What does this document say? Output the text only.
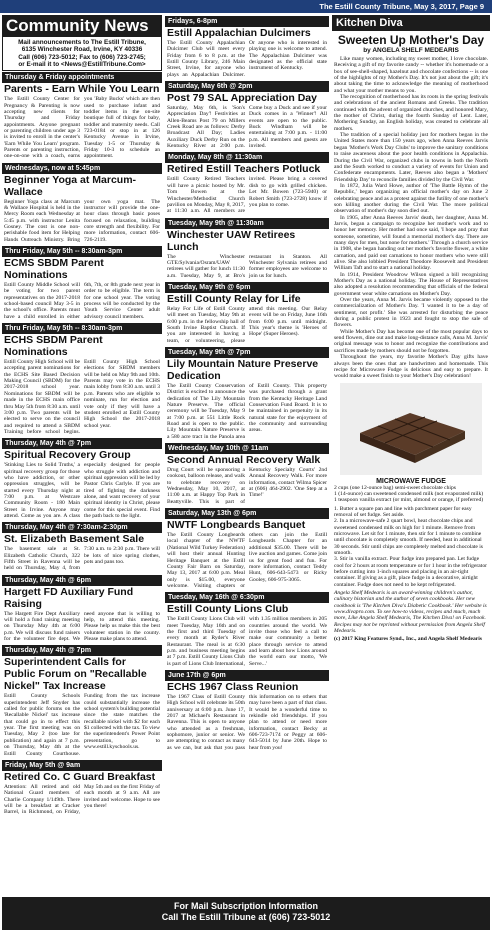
The Estill County Tribune, May 3, 2017, Page 9
Community News
Mail announcements to The Estill Tribune,
6135 Winchester Road, Irvine, KY 40336
Call (606) 723-5012; Fax to (606) 723-2745;
or E-mail it to <News@EstillTribune.Com>
Thursday & Friday appointments
Parents - Earn While You Learn
The Estill County Center for Pregnancy & Parenting is now accepting new clients for Thursday and Friday appointments. Anyone pregnant or parenting children under age 3 is invited to enroll in the center's 'Earn While You Learn' program. Parents or parenting instruction, one-on-one with a coach, earns you 'Baby Bucks' which are then used to purchase infant and toddler items in the on-site boutique full of things for baby, toddler and maternity needs. Call 723-0184 or stop in at 126 Kentucky Avenue in Irvine, Tuesday 1-5 or Thursday & Friday 10-3 to schedule an appointment.
Wednesdays, now at 5:45pm
Beginner Yoga at Marcum-Wallace
Beginner Yoga class at Marcum & Wallace Hospital is held in the Mercy Room each Wednesday at 5:45 p.m. with instructor Lenita Gosney. The cost is one non-perishable food item for Helping Hands Outreach Ministry. Bring your own yoga mat. The instructor will provide the one-hour class through basic poses focused on relaxation, building core strength and flexibility. For more information, contact 606-726-2119.
Thru Friday, May 5th -- 8:30am-3pm
ECMS SBDM Parent Nominations
Estill County Middle School will be voting for two parent representatives on the 2017-2018 school-based council May 3-5 in the school's office. Parents must have a child enrolled in either 6th, 7th, or 8th grade next year in order to be eligible. The term is for one school year. The voting process will be conducted by the Youth Service Center adult advisory council members.
Thru Friday, May 5th -- 8:30am-3pm
ECHS SBDM Parent Nominations
Estill County High School will be accepting parent nominations for the ECHS Site Based Decision Making Council (SBDM) for the 2017-2018 school year. Nominations for SBDM will be made in the ECHS main office thru May 5th from 8:30 a.m. until 3:00 p.m. Two parents will be elected to serve on the council and required to attend a SBDM Training before school begins. Estill County High School elections for SBDM members will be held on May 9th and 10th. Parents may vote in the ECHS main lobby from 8:30 a.m. until 3 p.m. Parents who are eligible to nominate, run for election and vote only if they will have a student enrolled at Estill County High School the 2017-2018 school year.
Thursday, May 4th @ 7pm
Spiritual Recovery Group
'Stinking Lies to Solid Truths,' a spiritual recovery group for those who have addiction, or other oppression struggles, will be started every Thursday night at 7:00 p.m. at Westcare Community Room - 180 Main Street in Irvine. Anyone may attend. Come as you are. A class especially designed for people who struggle with addiction and spiritual oppression will be led by Pastor Chris Carlyle. If you are tired of fighting the darkness alone, and want recovery of your spiritual identity in Christ, please come for this special event. Find the path back to the light.
Thursday, May 4th @ 7:30am-2:30pm
St. Elizabeth Basement Sale
The basement sale at St. Elizabeth Catholic Church, 322 Fifth Street in Ravenna will be held on Thursday, May 4, from 7:30 a.m. to 2:30 p.m. There will be lots of nice spring clothes, pots and pans too.
Thursday, May 4th @ 6pm
Hargett FD Auxiliary Fund Raising
The Hargett Fire Dept Auxiliary will hold a fund raising meeting on Thursday May 4th at 6:00 p.m. We will discuss fund raisers for the volunteer fire dept. We need anyone that is willing to help, to attend this meeting. Please help us make this the best volunteer station in the county. Please make plans to attend.
Thursday, May 4th @ 7pm
Superintendent Calls for Public Forum on "Recallable Nickel" Tax Increase
Estill County Schools superintendent Jeff Snyder has called for public forums on the 'Recallable Nickel' tax increase that could go in to effect this year. The first meeting was on Tuesday, May 2 (too late for publication) and again at 7 p.m. on Thursday, May 4th at the Estill County Courthouse. Funding from the tax increase could substantially increase the school system's building potential since the state matches the recallable nickel with $2 for each $1 collected with the tax. To view the superintendent's Power Point presentation, go to www.estill.kyschools.us.
Friday, May 5th @ 9am
Retired Co. C Guard Breakfast
Attention: All retired and old National Guard members of Charlie Company 1/149th. There will be a breakfast at Cracker Barrel, in Richmond, on Friday, May 5th and on the first Friday of each month at 9 a.m. All are invited and welcome. Hope to see you there!
Fridays, 6-8pm
Estill Appalachian Dulcimers
The Estill County Appalachian Dulcimer Club will meet every Friday from 6 to 8 p.m. at the Estill County Library, 246 Main Street, Irvine, for anyone who plays an Appalachian Dulcimer. Or anyone who is interested in playing one is welcome to attend. The Appalachian Dulcimer was designated as the official state instrument of Kentucky.
Saturday, May 6th @ 2pm
Post 79 SAL Appreciation Day
Saturday, May 6th, is 'Son's Appreciation Day'! Festivities at Allen-Beams Post 79 on Millers Creek Road are as follows: Derby Broadcast All Day; Ladies Auxiliary Duck Derby Run on the Kentucky River at 2:00 p.m. Come buy a Duck and see if your Duck comes in a 'Winner'! All events are open to the public. Buck Windham will be entertaining at 7:00 p.m. - 11:00 p.m. All members and guests are invited.
Monday, May 8th @ 11:30am
Retired Estill Teachers Potluck
Estill County Retired Teachers will have a picnic hosted by Mr. Tom Bowen at the Winchester/Methodist Church pavilion on Monday, May 8, 2017, at 11:30 a.m. All members are invited. Please bring a covered dish to go with grilled chicken. Let Mr. Bowen (723-5940) or Robert Smith (723-2728) know if you plan to come.
Tuesday, May 9th @ 11:30am
Winchester UAW Retirees Lunch
The Winchester GTE/Sylvania/Osram/UAW retirees will gather for lunch 11:30 a.m. Tuesday, May 9, at Bro's restaurant in Stanton. All Winchester Sylvania retirees and former employees are welcome to join us for lunch.
Tuesday, May 9th @ 6pm
Estill County Relay for Life
Relay For Life of Estill County will meet on Tuesday, May 9th at 6:00 p.m. in the fellowship hall of South Irvine Baptist Church. If you are interested in having a team, or volunteering, please attend this meeting. Our Relay event will be on Friday, June 16th from 6:00 p.m. until midnight. This year's theme is 'Heroes of Hope' (Super Heroes).
Tuesday, May 9th @ 7pm
Lily Mountain Nature Preserve Dedication
The Estill County Conservation District is excited to announce the dedication of The Lily Mountain Nature Preserve. The official ceremony will be Tuesday, May 9 at 7:00 p.m. at 551 Little Rock Road and is open to the public. Lily Mountain Nature Preserve is a 580 acre tract in the Panola area of Estill County. This property was purchased through a grant from the Kentucky Heritage Land Conservation Fund Board. It is to be maintained in perpetuity in its natural state for the enjoyment of the community and surrounding areas.
Wednesday, May 10th @ 11am
Second Annual Recovery Walk
Drug Court will be sponsoring a cookout, balloon release, and walk to celebrate recovery on Wednesday, May 10, 2017, at 11:00 a.m. at Happy Top Park in Beattyville. This is part of Kentucky Specialty Courts' 2nd Annual Recovery Walk. For more information, contact Wilma Spicer at (606) 464-2902. 'One Step at a Time!'
Saturday, May 13th @ 6pm
NWTF Longbeards Banquet
The Estill County Longbeards local chapter of the NWTF (National Wild Turkey Federation) will host their annual Hunting Heritage Banquet at the Estill County Fair Barn on Saturday, May 13, 2017 at 6:00 p.m. Meal only is $15.00, everyone welcome. Visiting chapters or others can join the Estill Longbeards Chapter for an additional $35.00. There will be live auction and games. Come join us for great food and fun. For more information, contact Teddy Hunt, 606-643-5473 or Ricky Gooley, 606-975-3065.
Tuesday, May 16th @ 6:30pm
Estill County Lions Club
The Estill County Lions Club will meet Tuesday, May 16th and on the first and third Tuesday of every month at Ryder's River Restaurant. The meal is at 6:30 p.m. and business meeting begins at 7 p.m. Estill County Lions Club is part of Lions Club International, with 1.35 million members in 205 countries around the world. We invite those who feel a call to make our community a better place through service to attend and learn about how Lions around the world earn our motto, 'We Serve...'
June 17th @ 6pm
ECHS 1967 Class Reunion
The 1967 Class of Estill County High School will celebrate its 50th anniversary at 6:00 p.m. June 17, 2017 at Michael's Restaurant in Ravenna. This is open to anyone who attended as a freshman, sophomore, junior or senior. We are attempting to contact as many as we can, but ask that you pass this information on to others that may have been a part of that class. It would be a wonderful time to rekindle old friendships. If you plan to attend or need more information, contact Becky at 606-723-7174 or Peggy at 606-643-5014 by June 20th. Hope to hear from you!
Kitchen Diva
Sweeten Up Mother's Day
by ANGELA SHELF MEDEARIS

Like many women, including my sweet mother, I love chocolate. Receiving a gift of my favorite candy -- whether it's homemade or a box of see-shell-shaped, hazelnut and chocolate confections -- is one of the highlights of my Mother's Day. It's not just about the gift; it's about taking the time to acknowledge the meaning of motherhood and what your mother means to you.

The recognition of motherhood has its roots in the spring festivals and celebrations of the ancient Romans and Greeks. The tradition continued with the advent of organized churches, and honored Mary, the mother of Christ, during the fourth Sunday of Lent. Later, Mothering Sunday, an English holiday, was created to celebrate all mothers.

The tradition of a special holiday just for mothers began in the United States more than 150 years ago, when Anna Reeves Jarvis began 'Mother's Work Day Clubs' to improve the sanitary conditions to raise awareness about the poor health conditions in Appalachia. During the Civil War, organized clubs in towns in both the North and the South worked to conduct a variety of events for Union and Confederate encampments. Later, Reeves also began a 'Mothers' Friendship Day' to reconcile families divided by the Civil War.

In 1872, Julia Ward Howe, author of 'The Battle Hymn of the Republic,' began organizing an official mother's day on June 2 celebrating peace and as a protest against the futility of one mother's son killing another during the Civil War. The more political observation of mother's day soon died out.

In 1905, after Anna Reeves Jarvis' death, her daughter, Anna M. Jarvis, began a campaign to recognize her mother's work and to honor her memory. Her mother had once said, 'I hope and pray that someone, sometime, will found a memorial mother's day. There are many days for men, but none for mothers.' Through a church service in 1908, she began handing out her mother's favorite flower, a white carnation, and paid out carnations to honor mothers who were still alive. She also lobbied President Theodore Roosevelt and President William Taft and to start a national holiday.

In 1914, President Woodrow Wilson signed a bill recognizing Mother's Day as a national holiday. The House of Representatives also adopted a resolution recommending that officials of the federal government wear white carnations on Mother's Day.

Over the years, Anna M. Jarvis became violently opposed to the commercialization of Mother's Day. 'I wanted it to be a day of sentiment, not profit.' She was arrested for disturbing the peace during a public protest in 1923 and fought to stop the sale of flowers.

While Mother's Day has become one of the most popular days to send flowers, dine out and make long-distance calls, Anna M. Jarvis' original message was to honor and recognize the contributions and sacrifices made by mothers should not be forgotten.

Throughout the years, my favorite Mother's Day gifts have always been the ones that are handwritten and homemade. This recipe for Microwave Fudge is delicious and easy to prepare. It would make a sweet finish to your Mother's Day celebration!

MICROWAVE FUDGE
2 cups (one 12-ounce bag) semi-sweet chocolate chips
1 (14-ounce) can sweetened condensed milk (not evaporated milk)
1 teaspoon vanilla extract (or mint, almond or orange, if preferred)
1. Butter a square pan and line with parchment paper for easy removal of set fudge. Set aside.
2. In a microwave-safe 2 quart bowl, heat chocolate chips and sweetened condensed milk on high for 1 minute. Remove from microwave. Let sit for 1 minute, then stir for 1 minute to combine until chocolate is completely smooth. If needed, heat in additional 30 seconds. Stir until chips are completely melted and chocolate is smooth.
3. Stir in vanilla extract. Pour fudge into prepared pan. Let fudge cool for 2 hours at room temperature or for 1 hour in the refrigerator before cutting into 1-inch squares and placing in an air-tight container. If giving as a gift, place fudge in a decorative, airtight container. Fudge does not need to be kept refrigerated.
Angela Shelf Medearis is an award-winning children's author, culinary historian and the author of seven cookbooks. Her new cookbook is 'The Kitchen Diva's Diabetic Cookbook.' Her website is www.divapro.com. To see how-to videos, recipes and much, much more, Like Angela Shelf Medearis, The Kitchen Diva! on Facebook. Recipes may not be reprinted without permission from Angela Shelf Medearis.
(c) 2017 King Features Synd., Inc., and Angela Shelf Medearis
For Mail Subscription Information
Call The Estill Tribune at (606) 723-5012
